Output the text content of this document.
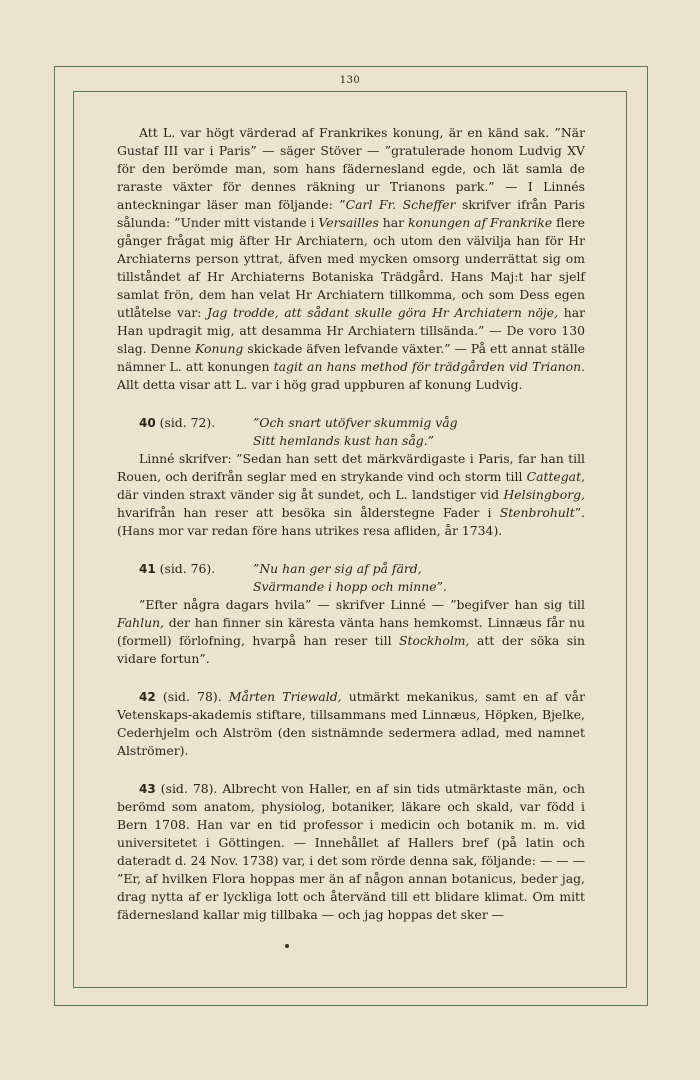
130

Att L. var högt värderad af Frankrikes konung, är en känd sak. ”När Gustaf III var i Paris” — säger Stöver — ”gratulerade honom Ludvig XV för den berömde man, som hans fädernesland egde, och lät samla de raraste växter för dennes räkning ur Trianons park.” — I Linnés anteckningar läser man följande: ”Carl Fr. Scheffer skrifver ifrån Paris sålunda: ”Under mitt vistande i Versailles har konungen af Frankrike flere gånger frågat mig äfter Hr Archiatern, och utom den välvilja han för Hr Archiaterns person yttrat, äfven med mycken omsorg underrättat sig om tillståndet af Hr Archiaterns Botaniska Trädgård. Hans Maj:t har sjelf samlat frön, dem han velat Hr Archiatern tillkomma, och som Dess egen utlåtelse var: Jag trodde, att sådant skulle göra Hr Archiatern nöje, har Han updragit mig, att desamma Hr Archiatern tillsända.” — De voro 130 slag. Denne Konung skickade äfven lefvande växter.” — På ett annat ställe nämner L. att konungen tagit an hans method för trädgården vid Trianon. Allt detta visar att L. var i hög grad uppburen af konung Ludvig.

40 (sid. 72).	”Och snart utöfver skummig våg
Sitt hemlands kust han såg.”

Linné skrifver: ”Sedan han sett det märkvärdigaste i Paris, far han till Rouen, och derifrån seglar med en strykande vind och storm till Cattegat, där vinden straxt vänder sig åt sundet, och L. landstiger vid Helsingborg, hvarifrån han reser att besöka sin ålderstegne Fader i Stenbrohult”. (Hans mor var redan före hans utrikes resa afliden, år 1734).

41 (sid. 76).	”Nu han ger sig af på färd,
Svärmande i hopp och minne”.

”Efter några dagars hvila” — skrifver Linné — ”begifver han sig till Fahlun, der han finner sin käresta vänta hans hemkomst. Linnæus får nu (formell) förlofning, hvarpå han reser till Stockholm, att der söka sin vidare fortun”.

42 (sid. 78). Mårten Triewald, utmärkt mekanikus, samt en af vår Vetenskaps-akademis stiftare, tillsammans med Linnæus, Höpken, Bjelke, Cederhjelm och Alström (den sistnämnde sedermera adlad, med namnet Alströmer).

43 (sid. 78). Albrecht von Haller, en af sin tids utmärktaste män, och berömd som anatom, physiolog, botaniker, läkare och skald, var född i Bern 1708. Han var en tid professor i medicin och botanik m. m. vid universitetet i Göttingen. — Innehållet af Hallers bref (på latin och dateradt d. 24 Nov. 1738) var, i det som rörde denna sak, följande: — — — ”Er, af hvilken Flora hoppas mer än af någon annan botanicus, beder jag, drag nytta af er lyckliga lott och återvänd till ett blidare klimat. Om mitt fädernesland kallar mig tillbaka — och jag hoppas det sker —
